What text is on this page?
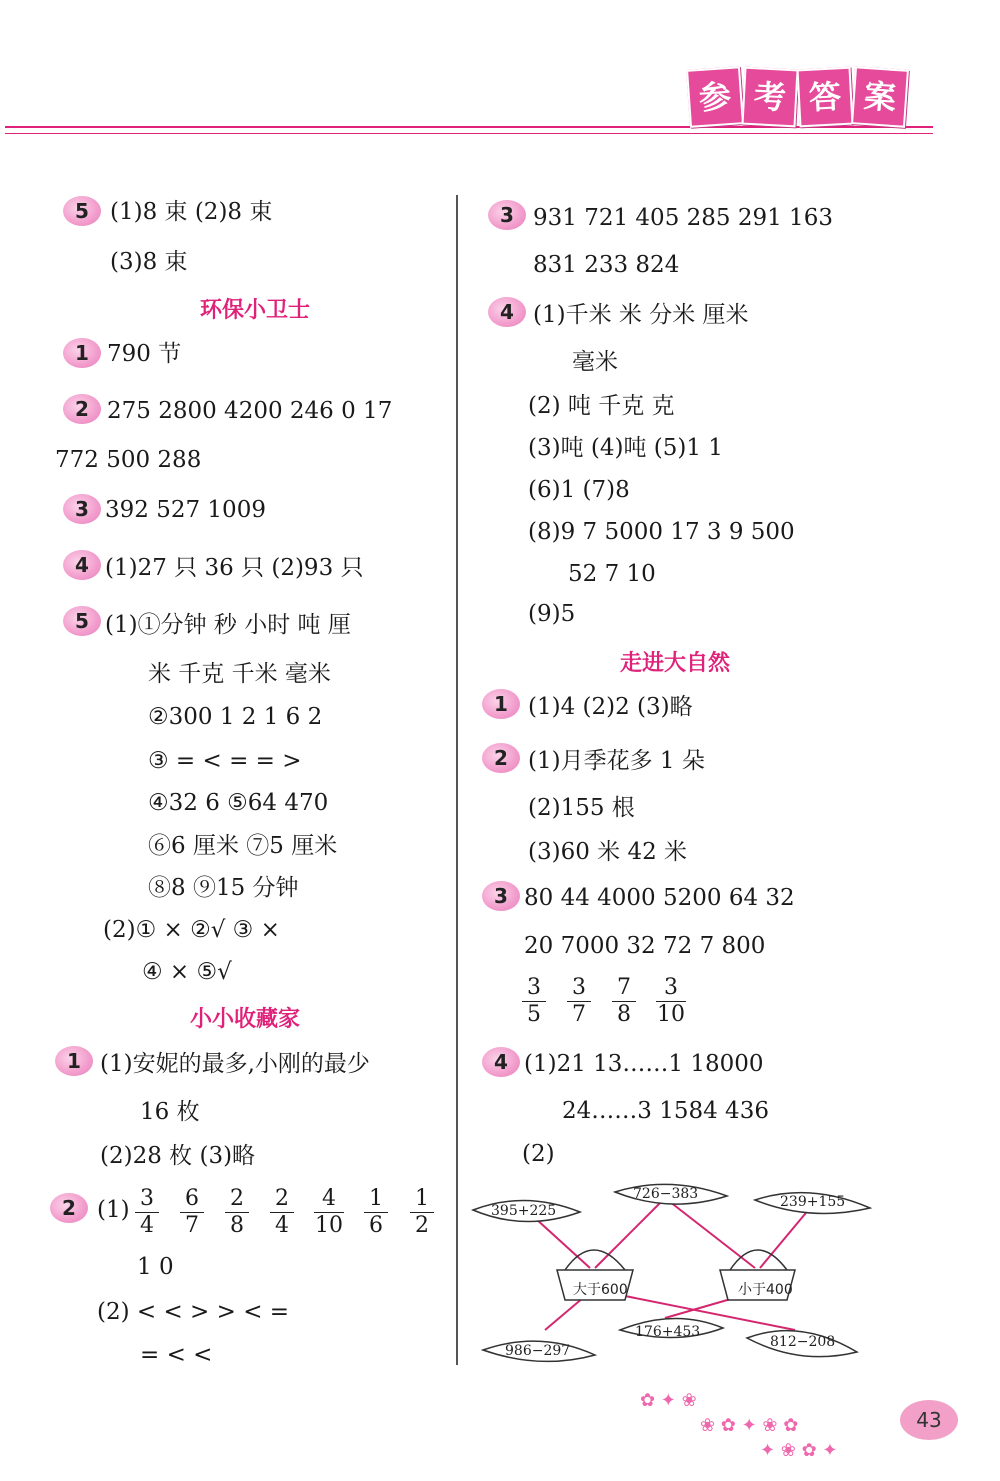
参 考 答 案
5 (1)8 束 (2)8 束
(3)8 束
环保小卫士
1 790 节
2 275 2800 4200 246 0 17
772 500 288
3 392 527 1009
4 (1)27 只 36 只 (2)93 只
5 (1)①分钟 秒 小时 吨 厘
米 千克 千米 毫米
②300 1 2 1 6 2
③ = < = = >
④32 6 ⑤64 470
⑥6 厘米 ⑦5 厘米
⑧8 ⑨15 分钟
(2)① × ②√ ③ ×
④ × ⑤√
小小收藏家
1 (1)安妮的最多,小刚的最少
16 枚
(2)28 枚 (3)略
2 (1) 3
4
6
7
2
8
2
4
4
10
1
6
1
2
1 0
(2) < < > > < =
= < <
3 931 721 405 285 291 163
831 233 824
4 (1)千米 米 分米 厘米
毫米
(2) 吨 千克 克
(3)吨 (4)吨 (5)1 1
(6)1 (7)8
(8)9 7 5000 17 3 9 500
52 7 10
(9)5
走进大自然
1 (1)4 (2)2 (3)略
2 (1)月季花多 1 朵
(2)155 根
(3)60 米 42 米
3 80 44 4000 5200 64 32
20 7000 32 72 7 800
3
5
3
7
7
8
3
10
4 (1)21 13……1 18000
24……3 1584 436
(2)
395+225
726−383	239+155
986−297
176+453
812−208
大于600	小于400
✿ ✦ ❀
❀ ✿ ✦ ❀ ✿
✦ ❀ ✿ ✦
43
